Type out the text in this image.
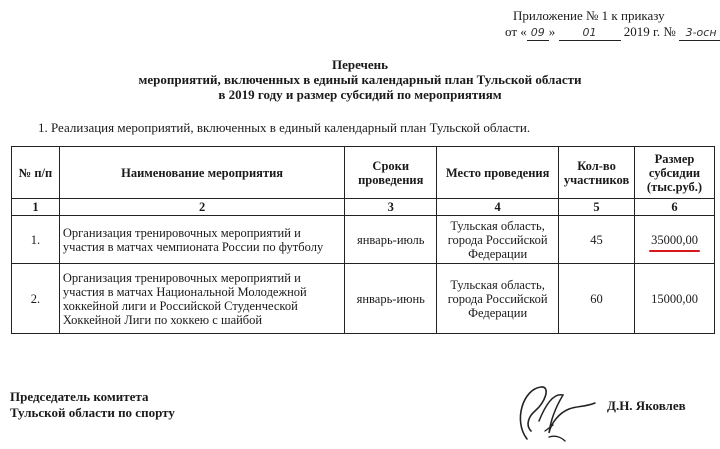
Приложение № 1 к приказу
от « 09 » 01 2019 г. № 3-осн
Перечень
мероприятий, включенных в единый календарный план Тульской области
в 2019 году и размер субсидий по мероприятиям
1. Реализация мероприятий, включенных в единый календарный план Тульской области.
№ п/п	Наименование мероприятия	Сроки проведения	Место проведения	Кол-во участников	Размер субсидии (тыс.руб.)
1	2	3	4	5	6
1.	Организация тренировочных мероприятий и участия в матчах чемпионата России по футболу	январь-июль	Тульская область, города Российской Федерации	45	35000,00
2.	Организация тренировочных мероприятий и участия в матчах Национальной Молодежной хоккейной лиги и Российской Студенческой Хоккейной Лиги по хоккею с шайбой	январь-июнь	Тульская область, города Российской Федерации	60	15000,00
Председатель комитета
Тульской области по спорту	Д.Н. Яковлев
